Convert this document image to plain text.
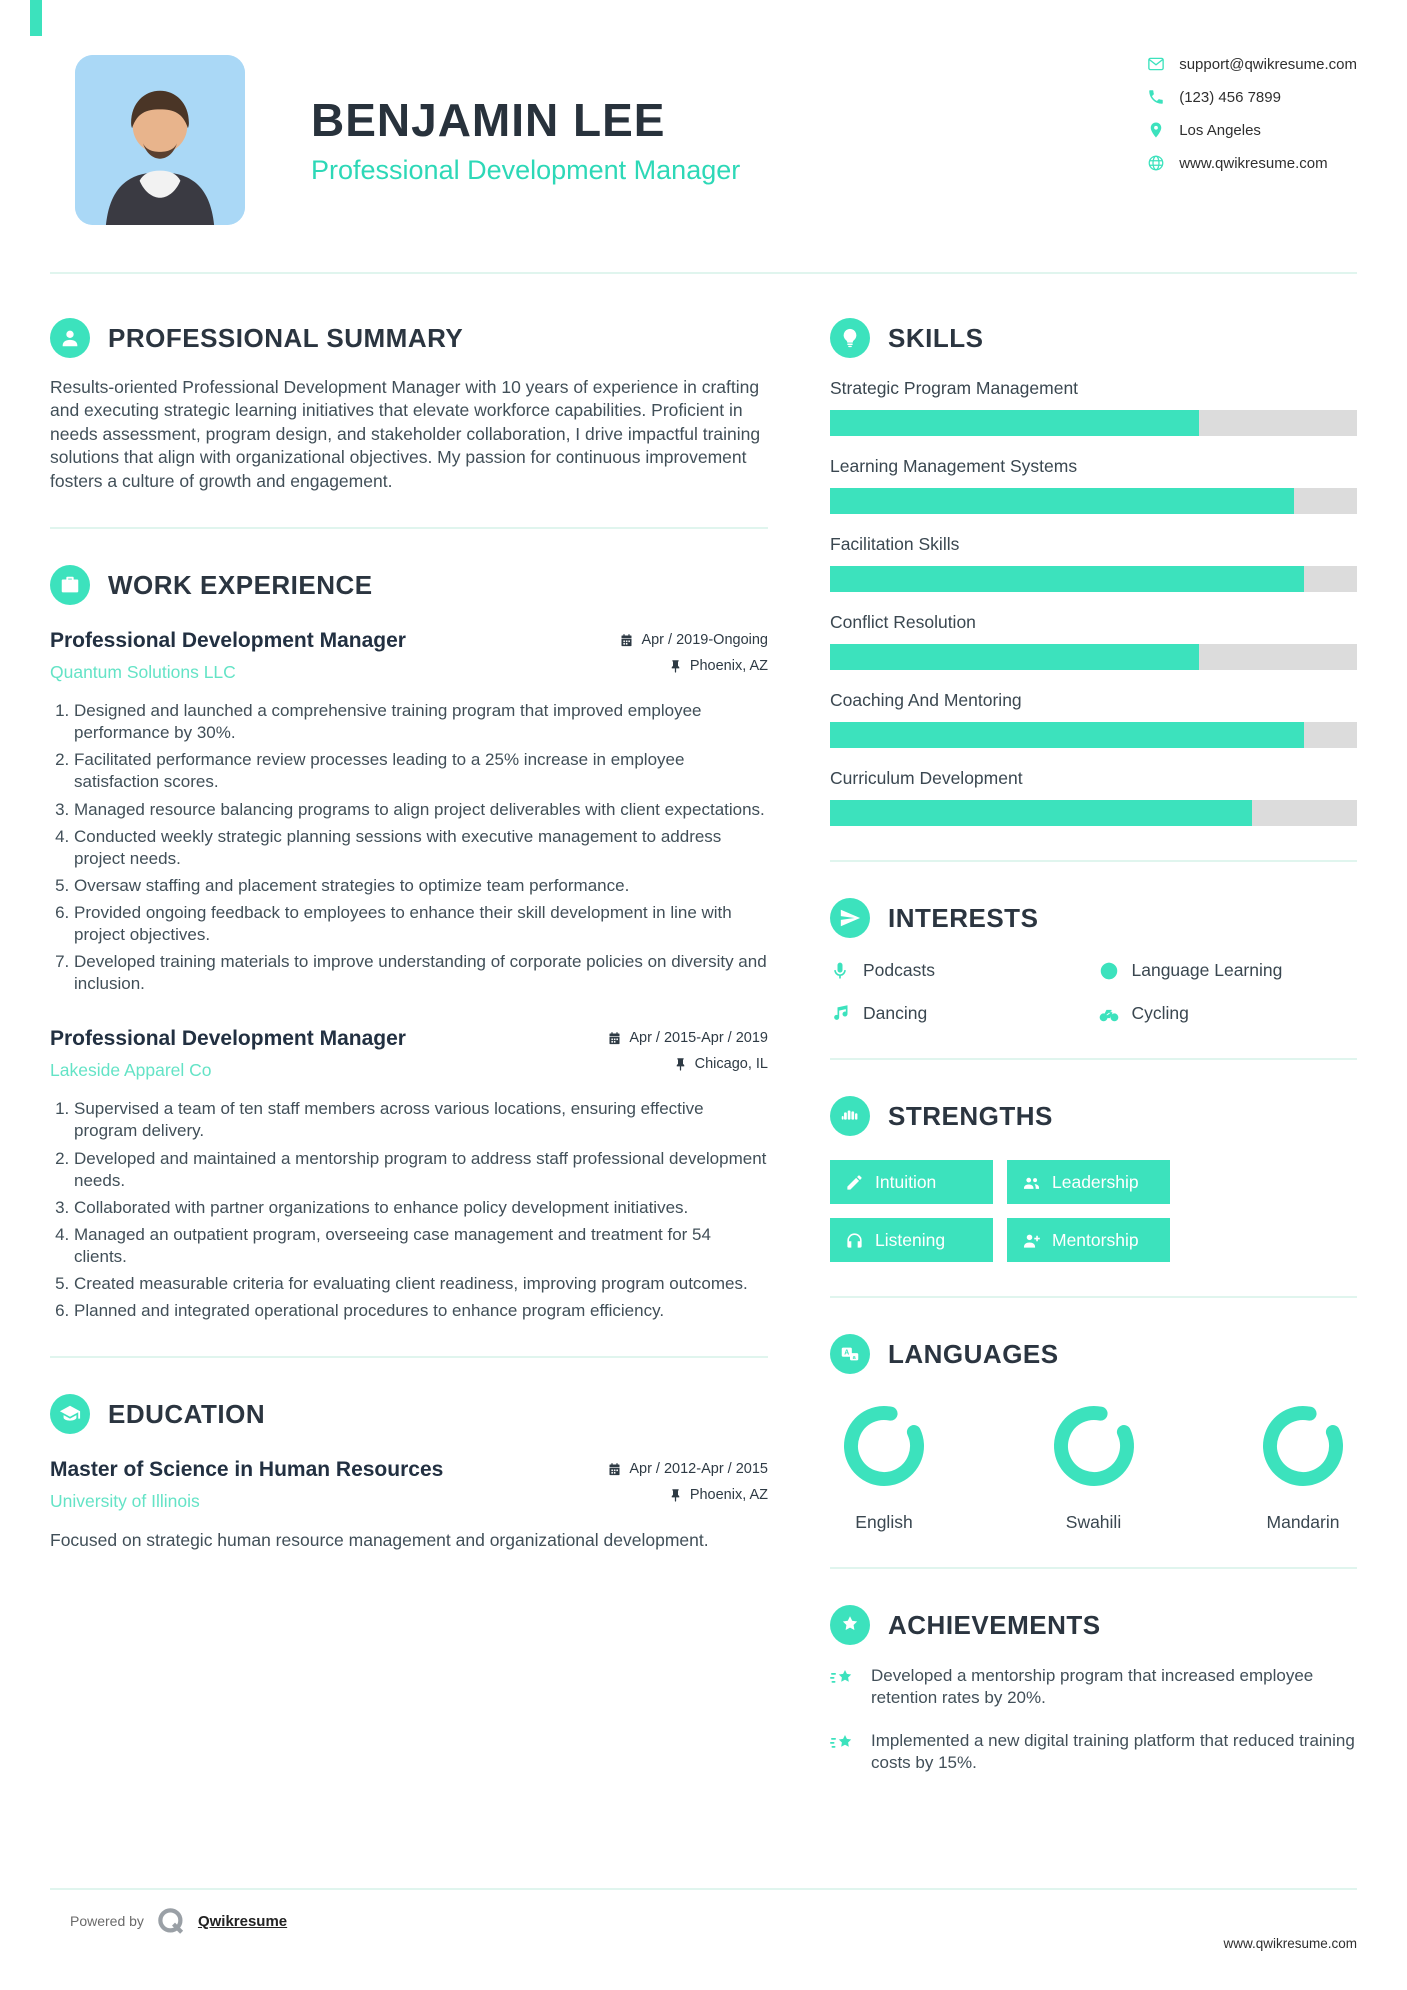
BENJAMIN LEE
Professional Development Manager
support@qwikresume.com
(123) 456 7899
Los Angeles
www.qwikresume.com
PROFESSIONAL SUMMARY
Results-oriented Professional Development Manager with 10 years of experience in crafting and executing strategic learning initiatives that elevate workforce capabilities. Proficient in needs assessment, program design, and stakeholder collaboration, I drive impactful training solutions that align with organizational objectives. My passion for continuous improvement fosters a culture of growth and engagement.
WORK EXPERIENCE
Professional Development Manager
Quantum Solutions LLC
Apr / 2019-Ongoing
Phoenix, AZ
1. Designed and launched a comprehensive training program that improved employee performance by 30%.
2. Facilitated performance review processes leading to a 25% increase in employee satisfaction scores.
3. Managed resource balancing programs to align project deliverables with client expectations.
4. Conducted weekly strategic planning sessions with executive management to address project needs.
5. Oversaw staffing and placement strategies to optimize team performance.
6. Provided ongoing feedback to employees to enhance their skill development in line with project objectives.
7. Developed training materials to improve understanding of corporate policies on diversity and inclusion.
Professional Development Manager
Lakeside Apparel Co
Apr / 2015-Apr / 2019
Chicago, IL
1. Supervised a team of ten staff members across various locations, ensuring effective program delivery.
2. Developed and maintained a mentorship program to address staff professional development needs.
3. Collaborated with partner organizations to enhance policy development initiatives.
4. Managed an outpatient program, overseeing case management and treatment for 54 clients.
5. Created measurable criteria for evaluating client readiness, improving program outcomes.
6. Planned and integrated operational procedures to enhance program efficiency.
EDUCATION
Master of Science in Human Resources
University of Illinois
Apr / 2012-Apr / 2015
Phoenix, AZ
Focused on strategic human resource management and organizational development.
SKILLS
Strategic Program Management
Learning Management Systems
Facilitation Skills
Conflict Resolution
Coaching And Mentoring
Curriculum Development
INTERESTS
Podcasts	Language Learning
Dancing	Cycling
STRENGTHS
Intuition	Leadership
Listening	Mentorship
A
a LANGUAGES
English	Swahili	Mandarin
ACHIEVEMENTS
Developed a mentorship program that increased employee retention rates by 20%.
Implemented a new digital training platform that reduced training costs by 15%.
Powered by	Qwikresume
www.qwikresume.com
